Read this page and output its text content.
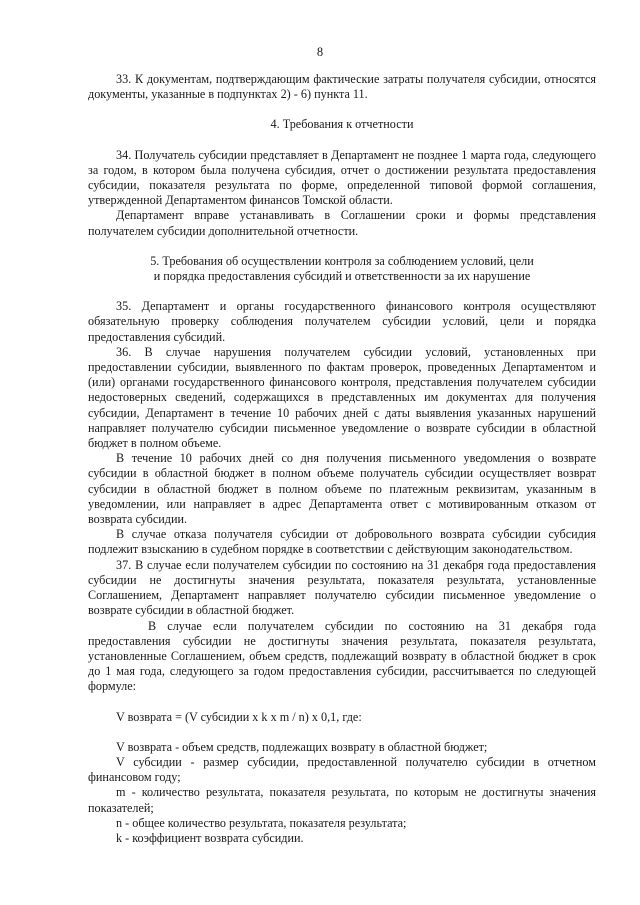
8

33. К документам, подтверждающим фактические затраты получателя субсидии, относятся документы, указанные в подпунктах 2) - 6) пункта 11.

4. Требования к отчетности

34. Получатель субсидии представляет в Департамент не позднее 1 марта года, следующего за годом, в котором была получена субсидия, отчет о достижении результата предоставления субсидии, показателя результата по форме, определенной типовой формой соглашения, утвержденной Департаментом финансов Томской области.

Департамент вправе устанавливать в Соглашении сроки и формы представления получателем субсидии дополнительной отчетности.

5. Требования об осуществлении контроля за соблюдением условий, цели

и порядка предоставления субсидий и ответственности за их нарушение

35. Департамент и органы государственного финансового контроля осуществляют обязательную проверку соблюдения получателем субсидии условий, цели и порядка предоставления субсидий.

36. В случае нарушения получателем субсидии условий, установленных при предоставлении субсидии, выявленного по фактам проверок, проведенных Департаментом и (или) органами государственного финансового контроля, представления получателем субсидии недостоверных сведений, содержащихся в представленных им документах для получения субсидии, Департамент в течение 10 рабочих дней с даты выявления указанных нарушений направляет получателю субсидии письменное уведомление о возврате субсидии в областной бюджет в полном объеме.

В течение 10 рабочих дней со дня получения письменного уведомления о возврате субсидии в областной бюджет в полном объеме получатель субсидии осуществляет возврат субсидии в областной бюджет в полном объеме по платежным реквизитам, указанным в уведомлении, или направляет в адрес Департамента ответ с мотивированным отказом от возврата субсидии.

В случае отказа получателя субсидии от добровольного возврата субсидии субсидия подлежит взысканию в судебном порядке в соответствии с действующим законодательством.

37. В случае если получателем субсидии по состоянию на 31 декабря года предоставления субсидии не достигнуты значения результата, показателя результата, установленные Соглашением, Департамент направляет получателю субсидии письменное уведомление о возврате субсидии в областной бюджет.

В случае если получателем субсидии по состоянию на 31 декабря года предоставления субсидии не достигнуты значения результата, показателя результата, установленные Соглашением, объем средств, подлежащий возврату в областной бюджет в срок до 1 мая года, следующего за годом предоставления субсидии, рассчитывается по следующей формуле:

V возврата = (V субсидии x k x m / n) x 0,1, где:

V возврата - объем средств, подлежащих возврату в областной бюджет;

V субсидии - размер субсидии, предоставленной получателю субсидии в отчетном финансовом году;

m - количество результата, показателя результата, по которым не достигнуты значения показателей;

n - общее количество результата, показателя результата;

k - коэффициент возврата субсидии.
